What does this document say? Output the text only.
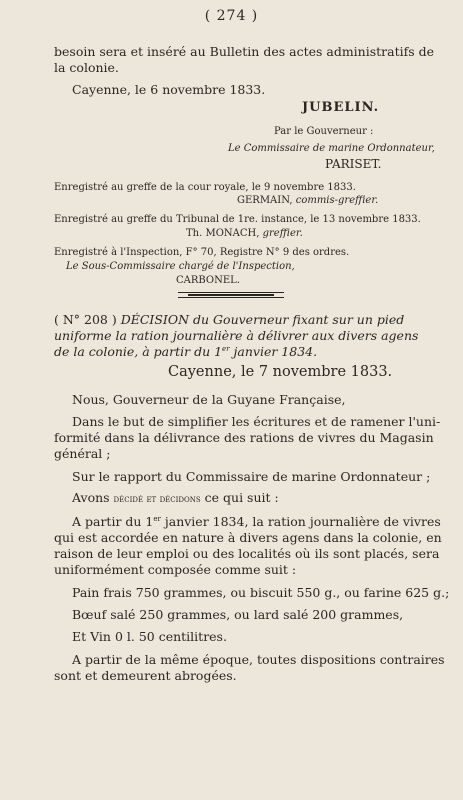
( 274 )
besoin sera et inséré au Bulletin des actes administratifs de
la colonie.
Cayenne, le 6 novembre 1833.
JUBELIN.
Par le Gouverneur :
Le Commissaire de marine Ordonnateur,
PARISET.
Enregistré au greffe de la cour royale, le 9 novembre 1833.
GERMAIN, commis-greffier.
Enregistré au greffe du Tribunal de 1re. instance, le 13 novembre 1833.
Th. MONACH, greffier.
Enregistré à l'Inspection, F° 70, Registre N° 9 des ordres.
Le Sous-Commissaire chargé de l'Inspection,
CARBONEL.
( N° 208 ) DÉCISION du Gouverneur fixant sur un pied
uniforme la ration journalière à délivrer aux divers agens
de la colonie, à partir du 1er janvier 1834.
Cayenne, le 7 novembre 1833.
Nous, Gouverneur de la Guyane Française,
Dans le but de simplifier les écritures et de ramener l'uni-
formité dans la délivrance des rations de vivres du Magasin
général ;
Sur le rapport du Commissaire de marine Ordonnateur ;
Avons décidé et décidons ce qui suit :
A partir du 1er janvier 1834, la ration journalière de vivres
qui est accordée en nature à divers agens dans la colonie, en
raison de leur emploi ou des localités où ils sont placés, sera
uniformément composée comme suit :
Pain frais 750 grammes, ou biscuit 550 g., ou farine 625 g.;
Bœuf salé 250 grammes, ou lard salé 200 grammes,
Et Vin 0 l. 50 centilitres.
A partir de la même époque, toutes dispositions contraires
sont et demeurent abrogées.
